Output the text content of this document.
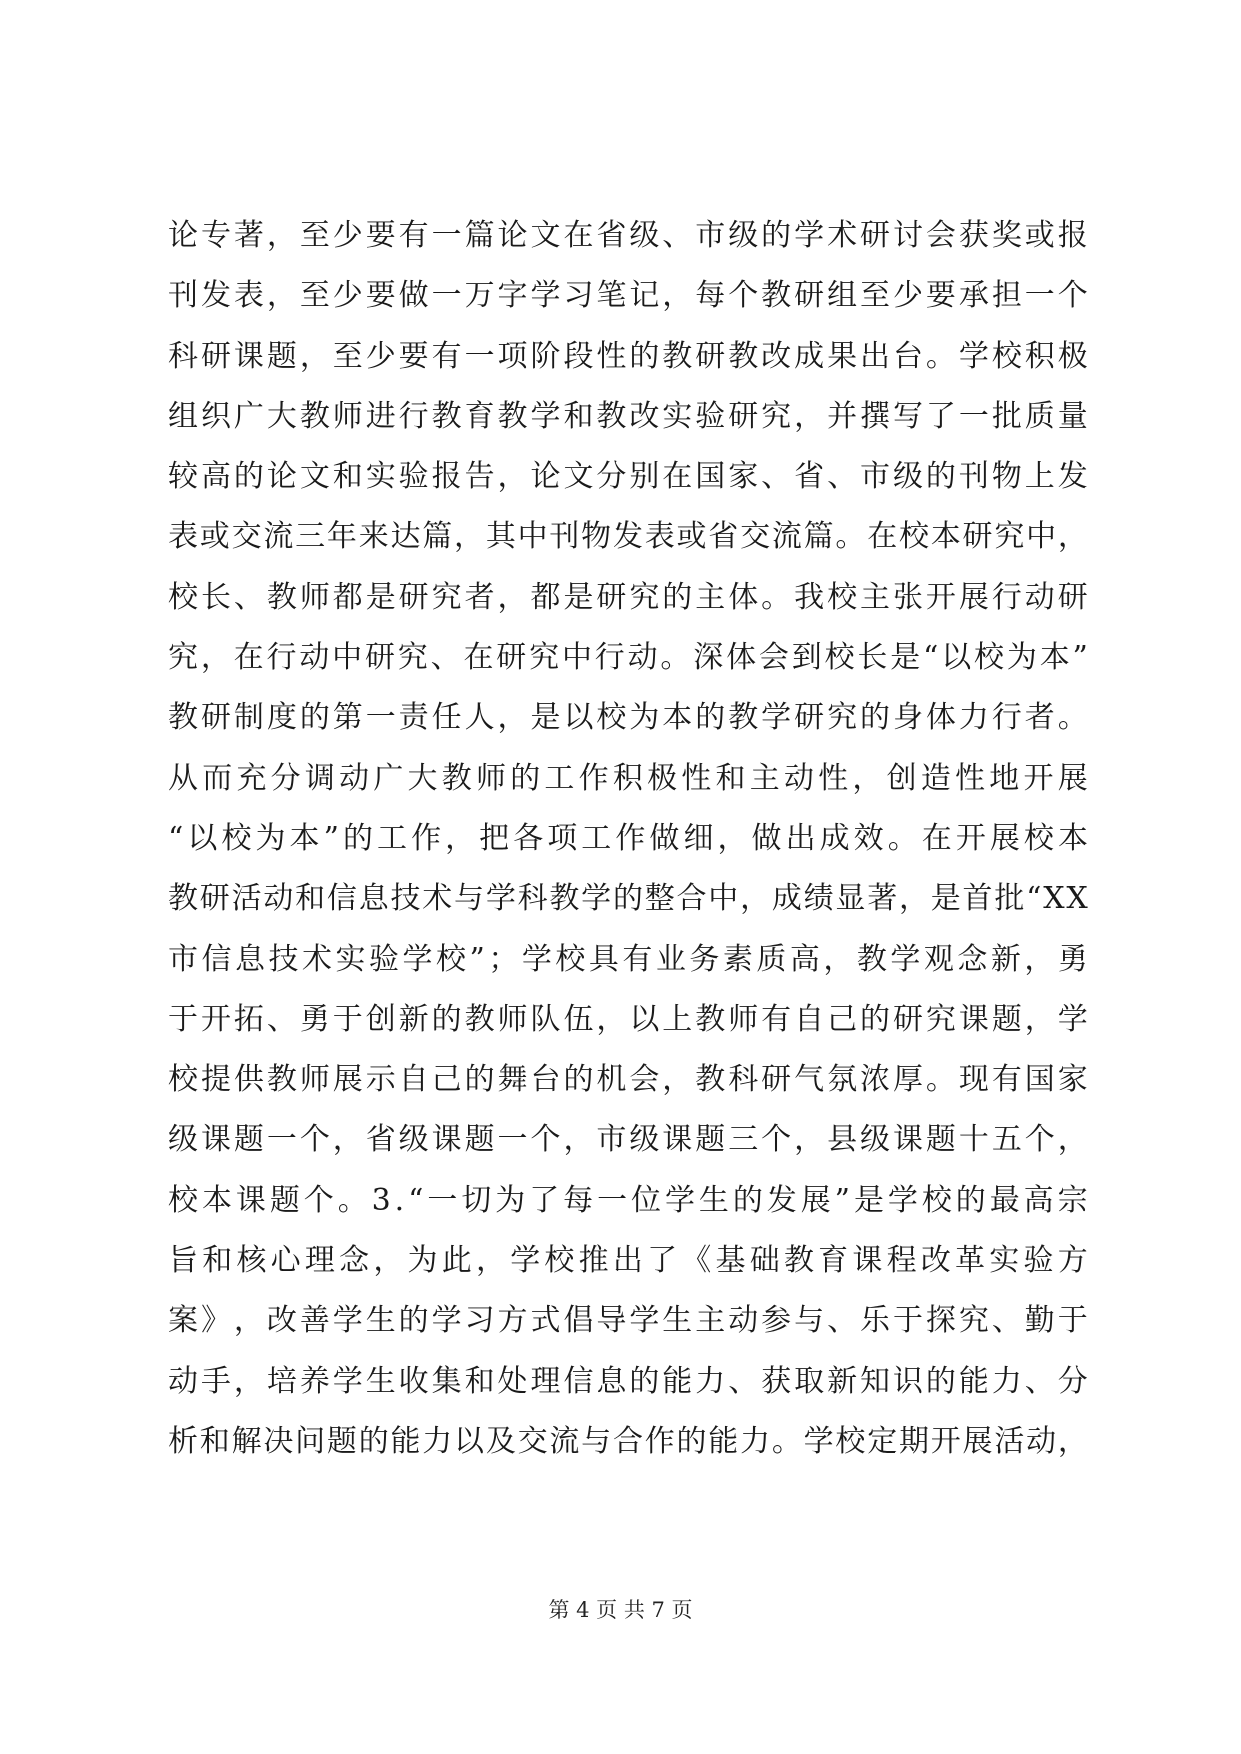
论 专 著 ， 至 少 要 有 一 篇 论 文 在 省 级 、 市 级 的 学 术 研 讨 会 获 奖 或 报
刊 发 表 ， 至 少 要 做 一 万 字 学 习 笔 记 ， 每 个 教 研 组 至 少 要 承 担 一 个
科 研 课 题 ， 至 少 要 有 一 项 阶 段 性 的 教 研 教 改 成 果 出 台 。 学 校 积 极
组 织 广 大 教 师 进 行 教 育 教 学 和 教 改 实 验 研 究 ， 并 撰 写 了 一 批 质 量
较 高 的 论 文 和 实 验 报 告 ， 论 文 分 别 在 国 家 、 省 、 市 级 的 刊 物 上 发
表 或 交 流 三 年 来 达 篇 ， 其 中 刊 物 发 表 或 省 交 流 篇 。 在 校 本 研 究 中 ，
校 长 、 教 师 都 是 研 究 者 ， 都 是 研 究 的 主 体 。 我 校 主 张 开 展 行 动 研
究 ， 在 行 动 中 研 究 、 在 研 究 中 行 动 。 深 体 会 到 校 长 是 “ 以 校 为 本 ”
教 研 制 度 的 第 一 责 任 人 ， 是 以 校 为 本 的 教 学 研 究 的 身 体 力 行 者 。
从 而 充 分 调 动 广 大 教 师 的 工 作 积 极 性 和 主 动 性 ， 创 造 性 地 开 展
“ 以 校 为 本 ” 的 工 作 ， 把 各 项 工 作 做 细 ， 做 出 成 效 。 在 开 展 校 本
教 研 活 动 和 信 息 技 术 与 学 科 教 学 的 整 合 中 ， 成 绩 显 著 ， 是 首 批 “ X X
市 信 息 技 术 实 验 学 校 ” ； 学 校 具 有 业 务 素 质 高 ， 教 学 观 念 新 ， 勇
于 开 拓 、 勇 于 创 新 的 教 师 队 伍 ， 以 上 教 师 有 自 己 的 研 究 课 题 ， 学
校 提 供 教 师 展 示 自 己 的 舞 台 的 机 会 ， 教 科 研 气 氛 浓 厚 。 现 有 国 家
级 课 题 一 个 ， 省 级 课 题 一 个 ， 市 级 课 题 三 个 ， 县 级 课 题 十 五 个 ，
校 本 课 题 个 。 3 . “ 一 切 为 了 每 一 位 学 生 的 发 展 ” 是 学 校 的 最 高 宗
旨 和 核 心 理 念 ， 为 此 ， 学 校 推 出 了 《 基 础 教 育 课 程 改 革 实 验 方
案 》 ， 改 善 学 生 的 学 习 方 式 倡 导 学 生 主 动 参 与 、 乐 于 探 究 、 勤 于
动 手 ， 培 养 学 生 收 集 和 处 理 信 息 的 能 力 、 获 取 新 知 识 的 能 力 、 分
析 和 解 决 问 题 的 能 力 以 及 交 流 与 合 作 的 能 力 。 学 校 定 期 开 展 活 动 ，
第 4 页 共 7 页
